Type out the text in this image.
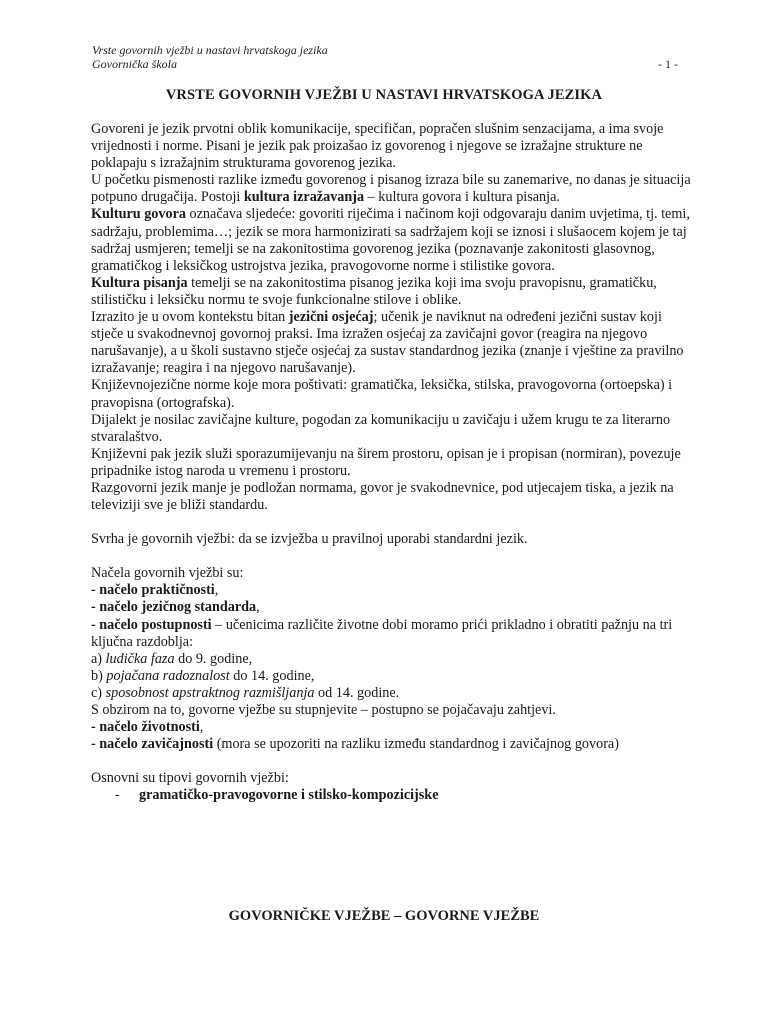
Vrste govornih vježbi u nastavi hrvatskoga jezika
Govornička škola	- 1 -
VRSTE GOVORNIH VJEŽBI U NASTAVI HRVATSKOGA JEZIKA

Govoreni je jezik prvotni oblik komunikacije, specifičan, popračen slušnim senzacijama, a ima svoje vrijednosti i norme. Pisani je jezik pak proizašao iz govorenog i njegove se izražajne strukture ne poklapaju s izražajnim strukturama govorenog jezika.

U početku pismenosti razlike između govorenog i pisanog izraza bile su zanemarive, no danas je situacija potpuno drugačija. Postoji kultura izražavanja – kultura govora i kultura pisanja.

Kulturu govora označava sljedeće: govoriti riječima i načinom koji odgovaraju danim uvjetima, tj. temi, sadržaju, problemima…; jezik se mora harmonizirati sa sadržajem koji se iznosi i slušaocem kojem je taj sadržaj usmjeren; temelji se na zakonitostima govorenog jezika (poznavanje zakonitosti glasovnog, gramatičkog i leksičkog ustrojstva jezika, pravogovorne norme i stilistike govora.

Kultura pisanja temelji se na zakonitostima pisanog jezika koji ima svoju pravopisnu, gramatičku, stilističku i leksičku normu te svoje funkcionalne stilove i oblike.

Izrazito je u ovom kontekstu bitan jezični osjećaj; učenik je naviknut na određeni jezični sustav koji stječe u svakodnevnoj govornoj praksi. Ima izražen osjećaj za zavičajni govor (reagira na njegovo narušavanje), a u školi sustavno stječe osjećaj za sustav standardnog jezika (znanje i vještine za pravilno izražavanje; reagira i na njegovo narušavanje).

Književnojezične norme koje mora poštivati: gramatička, leksička, stilska, pravogovorna (ortoepska) i pravopisna (ortografska).

Dijalekt je nosilac zavičajne kulture, pogodan za komunikaciju u zavičaju i užem krugu te za literarno stvaralaštvo.

Književni pak jezik služi sporazumijevanju na širem prostoru, opisan je i propisan (normiran), povezuje pripadnike istog naroda u vremenu i prostoru.

Razgovorni jezik manje je podložan normama, govor je svakodnevnice, pod utjecajem tiska, a jezik na televiziji sve je bliži standardu.

Svrha je govornih vježbi: da se izvježba u pravilnoj uporabi standardni jezik.

Načela govornih vježbi su:

- načelo praktičnosti,

- načelo jezičnog standarda,

- načelo postupnosti – učenicima različite životne dobi moramo prići prikladno i obratiti pažnju na tri ključna razdoblja:

a) ludička faza do 9. godine,

b) pojačana radoznalost do 14. godine,

c) sposobnost apstraktnog razmišljanja od 14. godine.

S obzirom na to, govorne vježbe su stupnjevite – postupno se pojačavaju zahtjevi.

- načelo životnosti,

- načelo zavičajnosti (mora se upozoriti na razliku između standardnog i zavičajnog govora)

Osnovni su tipovi govornih vježbi:

- gramatičko-pravogovorne i stilsko-kompozicijske

GOVORNIČKE VJEŽBE – GOVORNE VJEŽBE
